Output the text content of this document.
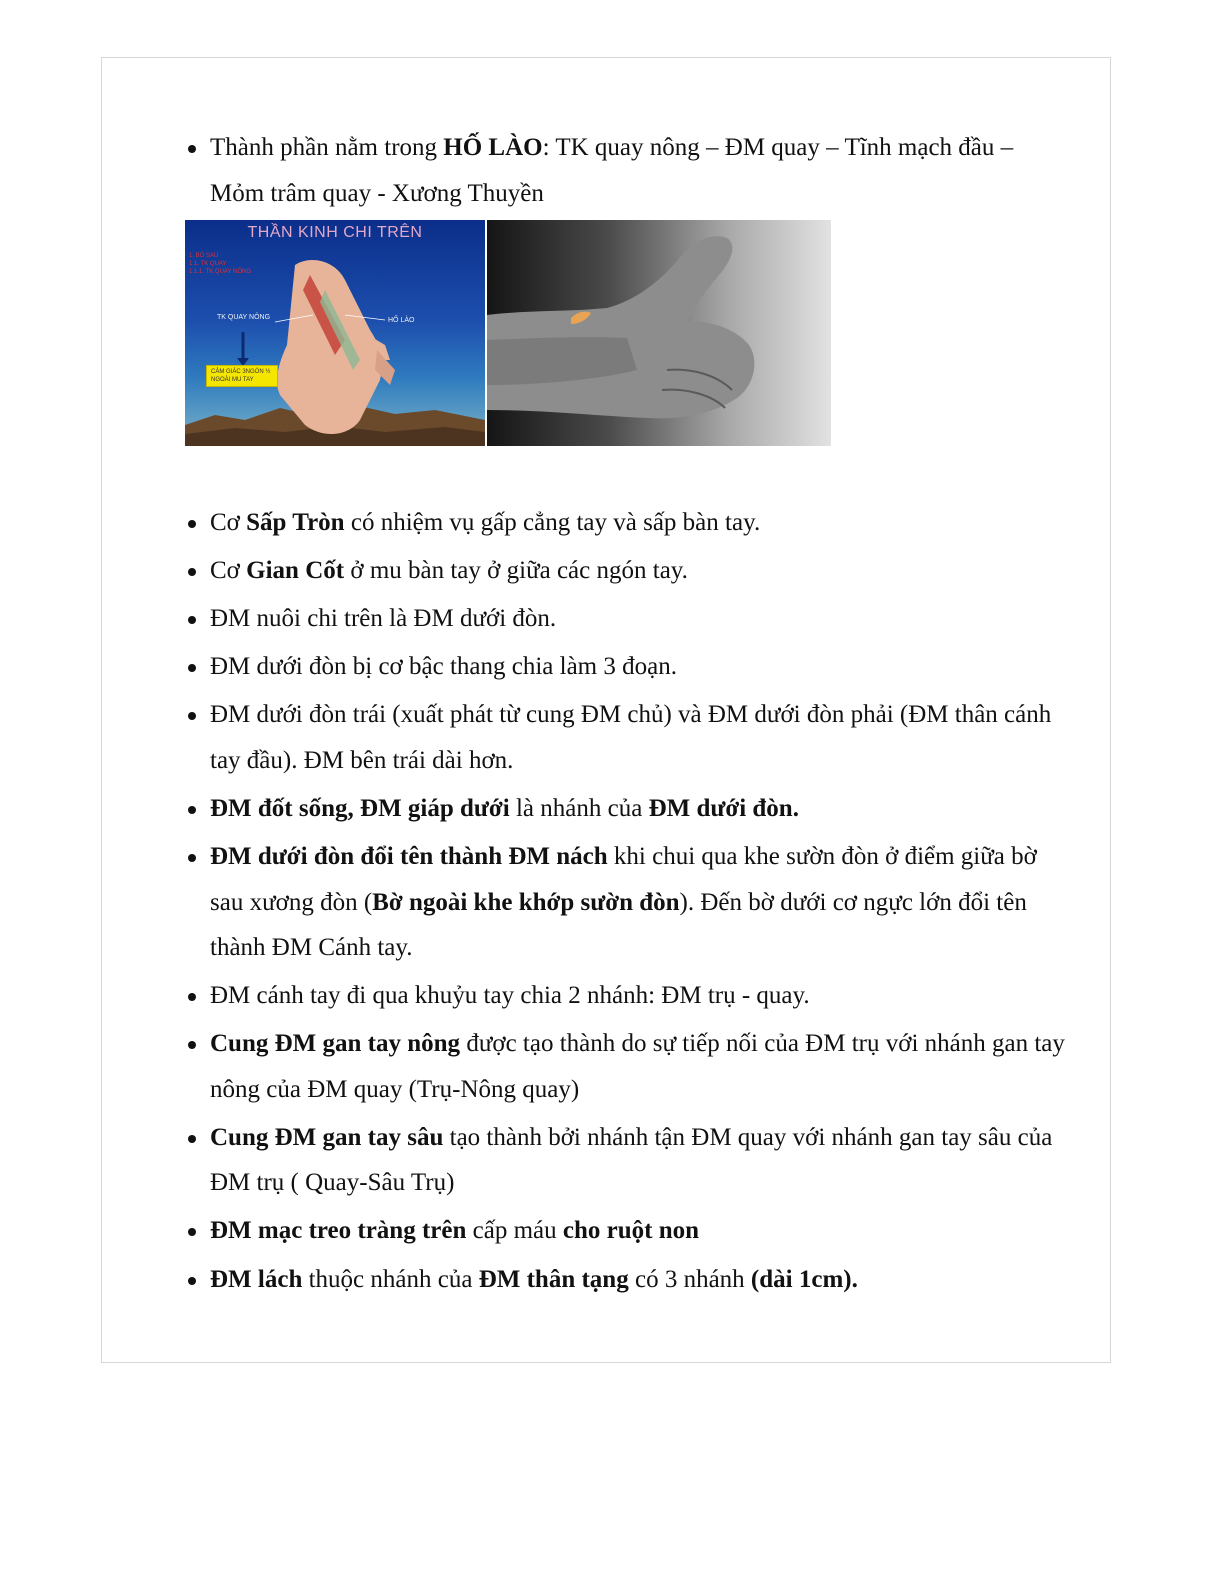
Thành phần nằm trong HỐ LÀO: TK quay nông – ĐM quay – Tĩnh mạch đầu – Mỏm trâm quay - Xương Thuyền
THẦN KINH CHI TRÊN
1. BÓ SAU
1.1. TK QUAY
1.1.1. TK QUAY NÔNG
TK QUAY NÔNG	HỐ LÀO
CẢM GIÁC 3NGÓN ½ NGOÀI MU TAY
Cơ Sấp Tròn có nhiệm vụ gấp cẳng tay và sấp bàn tay.
Cơ Gian Cốt ở mu bàn tay ở giữa các ngón tay.
ĐM nuôi chi trên là ĐM dưới đòn.
ĐM dưới đòn bị cơ bậc thang chia làm 3 đoạn.
ĐM dưới đòn trái (xuất phát từ cung ĐM chủ) và ĐM dưới đòn phải (ĐM thân cánh tay đầu). ĐM bên trái dài hơn.
ĐM đốt sống, ĐM giáp dưới là nhánh của ĐM dưới đòn.
ĐM dưới đòn đổi tên thành ĐM nách khi chui qua khe sườn đòn ở điểm giữa bờ sau xương đòn (Bờ ngoài khe khớp sườn đòn). Đến bờ dưới cơ ngực lớn đổi tên thành ĐM Cánh tay.
ĐM cánh tay đi qua khuỷu tay chia 2 nhánh: ĐM trụ - quay.
Cung ĐM gan tay nông được tạo thành do sự tiếp nối của ĐM trụ với nhánh gan tay nông của ĐM quay (Trụ-Nông quay)
Cung ĐM gan tay sâu tạo thành bởi nhánh tận ĐM quay với nhánh gan tay sâu của ĐM trụ ( Quay-Sâu Trụ)
ĐM mạc treo tràng trên cấp máu cho ruột non
ĐM lách thuộc nhánh của ĐM thân tạng có 3 nhánh (dài 1cm).
